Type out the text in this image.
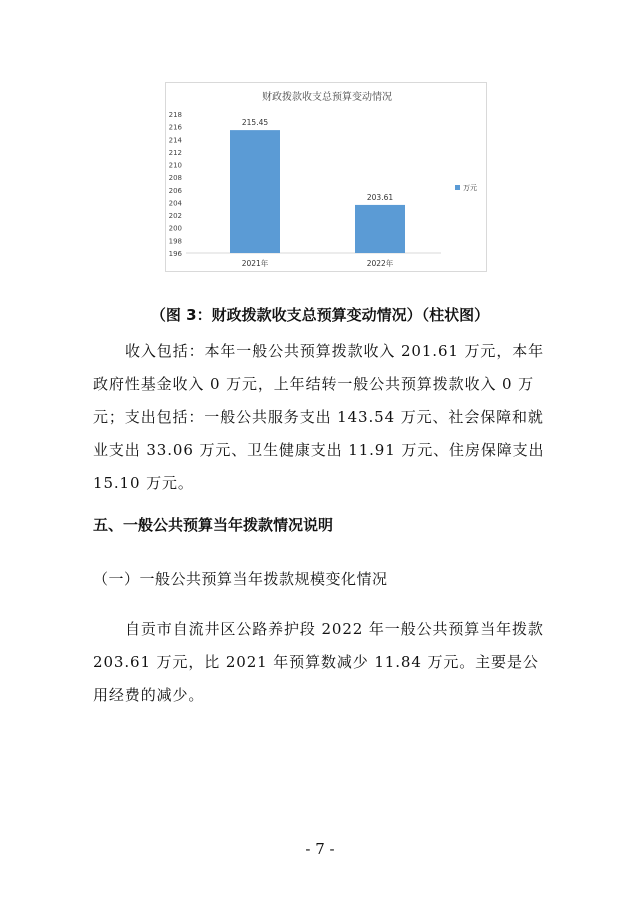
财政拨款收支总预算变动情况
196
198
200
202
204
206
208
210
212
214
216
218
215.45
2021年
203.61
2022年
万元
（图 3：财政拨款收支总预算变动情况）（柱状图）

收入包括：本年一般公共预算拨款收入 201.61 万元，本年政府性基金收入 0 万元，上年结转一般公共预算拨款收入 0 万元；支出包括：一般公共服务支出 143.54 万元、社会保障和就业支出 33.06 万元、卫生健康支出 11.91 万元、住房保障支出 15.10 万元。

五、一般公共预算当年拨款情况说明
（一）一般公共预算当年拨款规模变化情况

自贡市自流井区公路养护段 2022 年一般公共预算当年拨款 203.61 万元，比 2021 年预算数减少 11.84 万元。主要是公用经费的减少。

- 7 -
